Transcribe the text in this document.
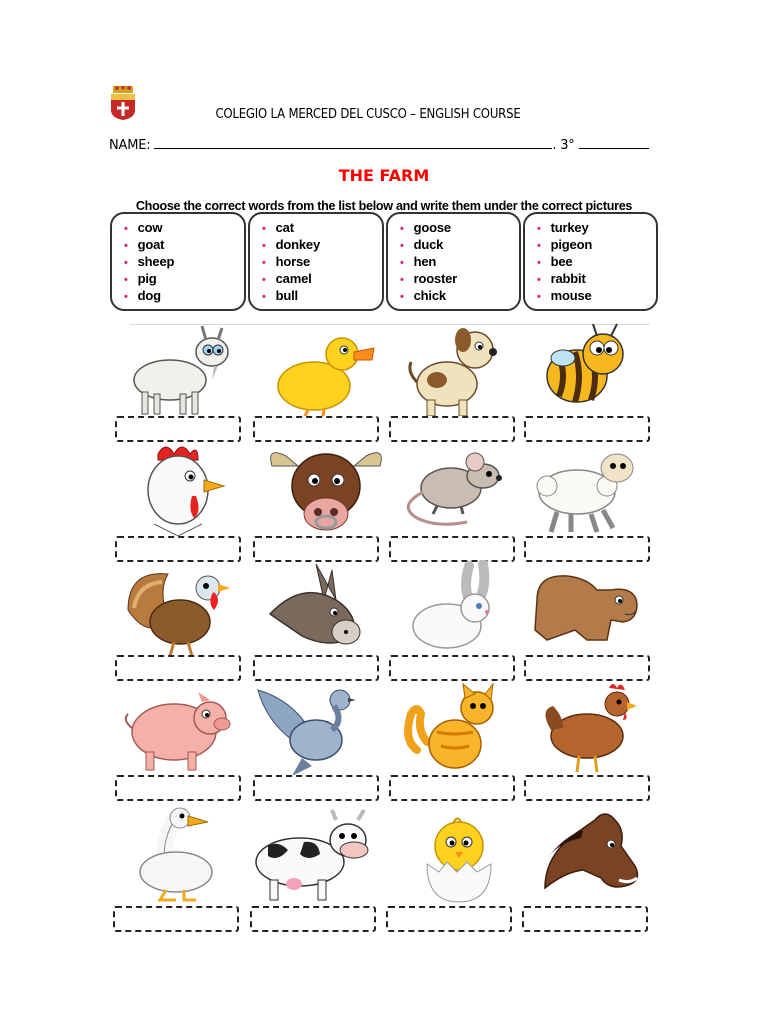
COLEGIO LA MERCED DEL CUSCO – ENGLISH COURSE
NAME:	. 3°
THE FARM
Choose the correct words from the list below and write them under the correct pictures
• cow
• goat
• sheep
• pig
• dog
• cat
• donkey
• horse
• camel
• bull
• goose
• duck
• hen
• rooster
• chick
• turkey
• pigeon
• bee
• rabbit
• mouse
